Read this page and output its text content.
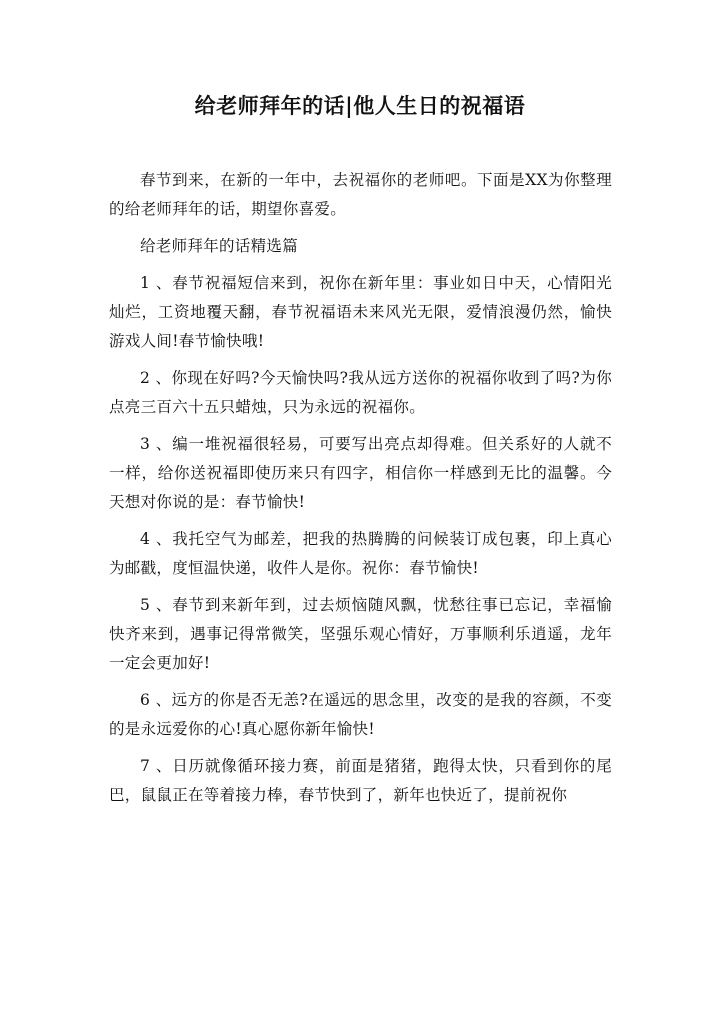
给老师拜年的话|他人生日的祝福语

春节到来，在新的一年中，去祝福你的老师吧。下面是XX为你整理的给老师拜年的话，期望你喜爱。

给老师拜年的话精选篇

1 、春节祝福短信来到，祝你在新年里：事业如日中天，心情阳光灿烂，工资地覆天翻，春节祝福语未来风光无限，爱情浪漫仍然，愉快游戏人间!春节愉快哦!

2 、你现在好吗?今天愉快吗?我从远方送你的祝福你收到了吗?为你点亮三百六十五只蜡烛，只为永远的祝福你。

3 、编一堆祝福很轻易，可要写出亮点却得难。但关系好的人就不一样，给你送祝福即使历来只有四字，相信你一样感到无比的温馨。今天想对你说的是：春节愉快!

4 、我托空气为邮差，把我的热腾腾的问候装订成包裹，印上真心为邮戳，度恒温快递，收件人是你。祝你：春节愉快!

5 、春节到来新年到，过去烦恼随风飘，忧愁往事已忘记，幸福愉快齐来到，遇事记得常微笑，坚强乐观心情好，万事顺利乐逍遥，龙年一定会更加好!

6 、远方的你是否无恙?在遥远的思念里，改变的是我的容颜，不变的是永远爱你的心!真心愿你新年愉快!

7 、日历就像循环接力赛，前面是猪猪，跑得太快，只看到你的尾巴，鼠鼠正在等着接力棒，春节快到了，新年也快近了，提前祝你
